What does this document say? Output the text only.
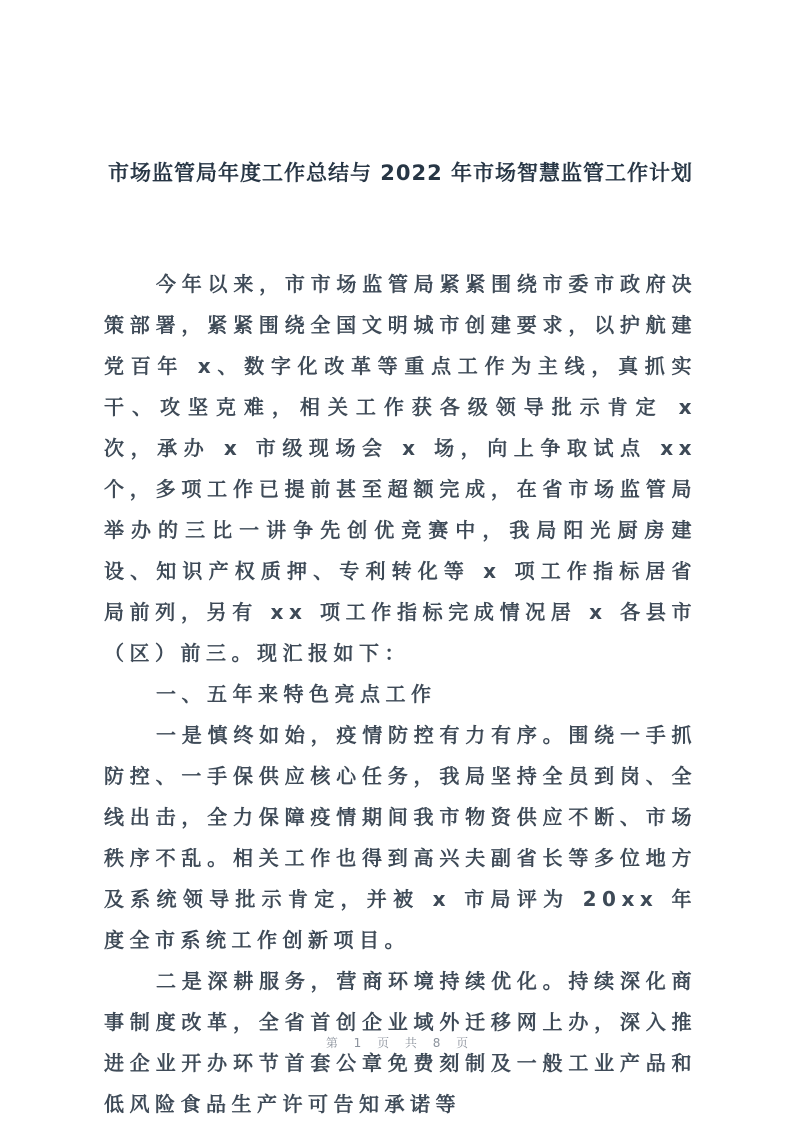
市场监管局年度工作总结与 2022 年市场智慧监管工作计划

今年以来，市市场监管局紧紧围绕市委市政府决策部署，紧紧围绕全国文明城市创建要求，以护航建党百年 x、数字化改革等重点工作为主线，真抓实干、攻坚克难，相关工作获各级领导批示肯定 x 次，承办 x 市级现场会 x 场，向上争取试点 xx 个，多项工作已提前甚至超额完成，在省市场监管局举办的三比一讲争先创优竞赛中，我局阳光厨房建设、知识产权质押、专利转化等 x 项工作指标居省局前列，另有 xx 项工作指标完成情况居 x 各县市（区）前三。现汇报如下：

一、五年来特色亮点工作

一是慎终如始，疫情防控有力有序。围绕一手抓防控、一手保供应核心任务，我局坚持全员到岗、全线出击，全力保障疫情期间我市物资供应不断、市场秩序不乱。相关工作也得到高兴夫副省长等多位地方及系统领导批示肯定，并被 x 市局评为 20xx 年度全市系统工作创新项目。

二是深耕服务，营商环境持续优化。持续深化商事制度改革，全省首创企业域外迁移网上办，深入推进企业开办环节首套公章免费刻制及一般工业产品和低风险食品生产许可告知承诺等

第 1 页 共 8 页
